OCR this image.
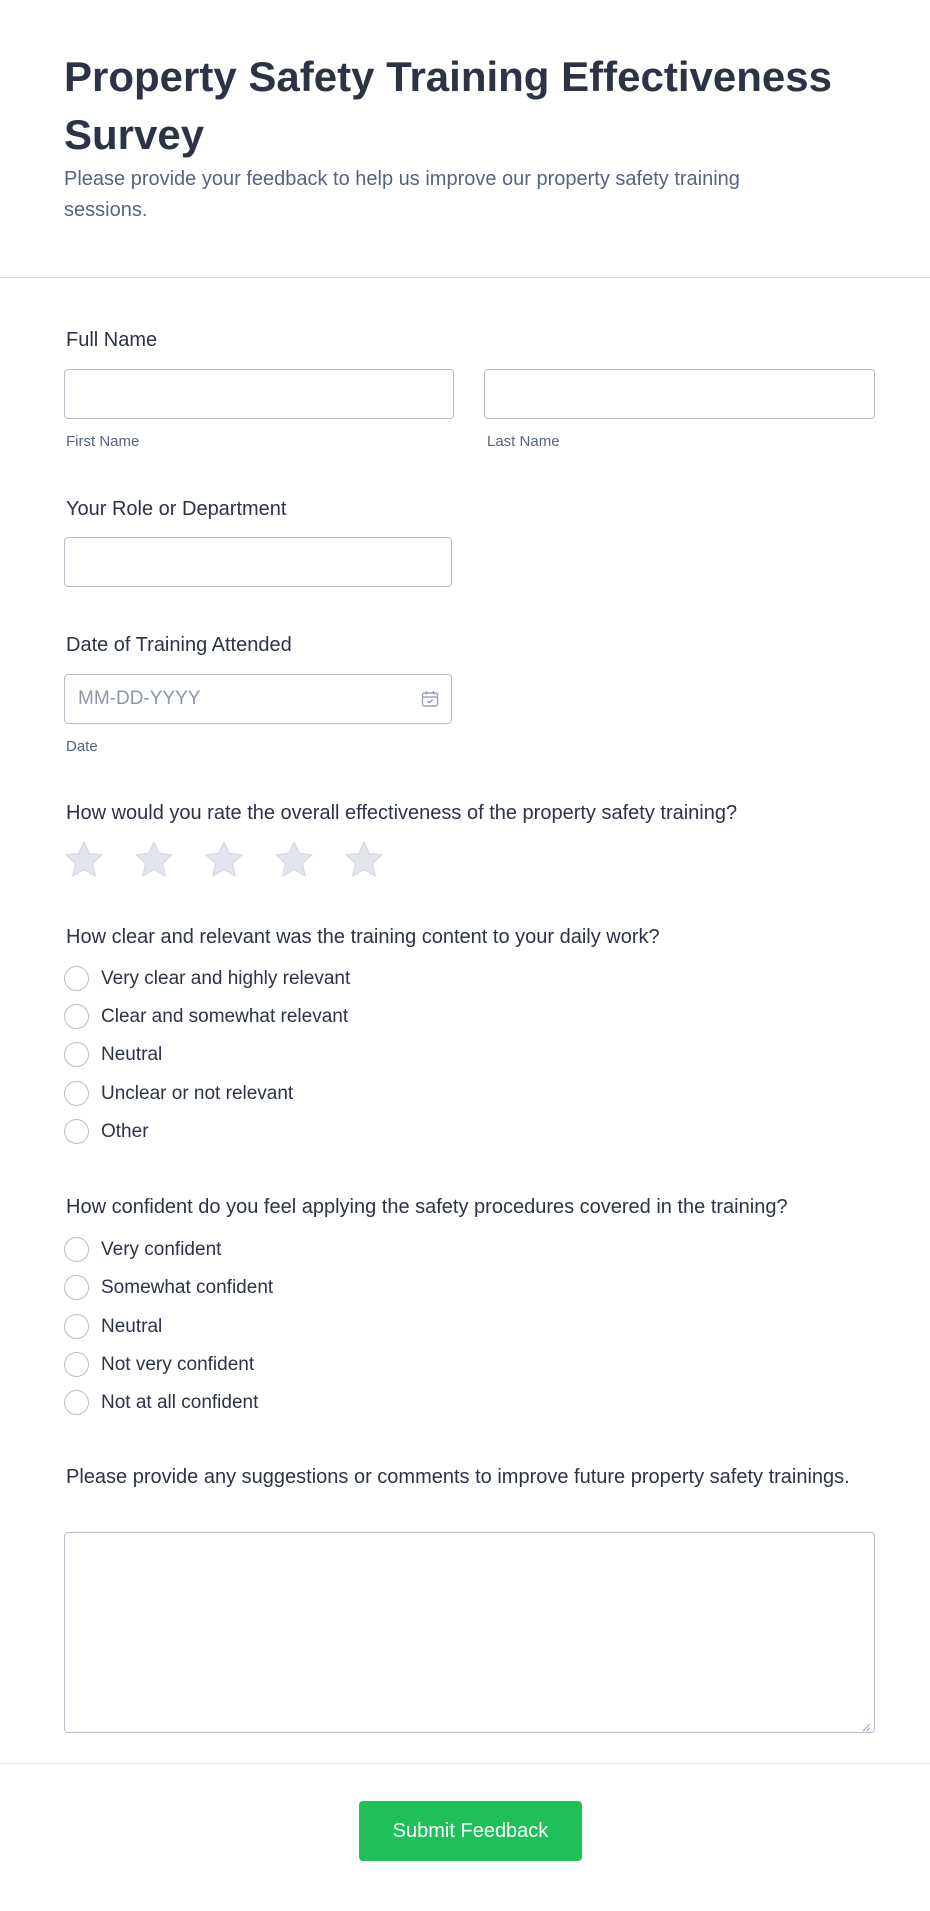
Property Safety Training Effectiveness Survey

Please provide your feedback to help us improve our property safety training sessions.

Full Name
First Name	Last Name
Your Role or Department
Date of Training Attended
MM-DD-YYYY
Date
How would you rate the overall effectiveness of the property safety training?
How clear and relevant was the training content to your daily work?
Very clear and highly relevant
Clear and somewhat relevant
Neutral
Unclear or not relevant
Other
How confident do you feel applying the safety procedures covered in the training?
Very confident
Somewhat confident
Neutral
Not very confident
Not at all confident
Please provide any suggestions or comments to improve future property safety trainings.
Submit Feedback
